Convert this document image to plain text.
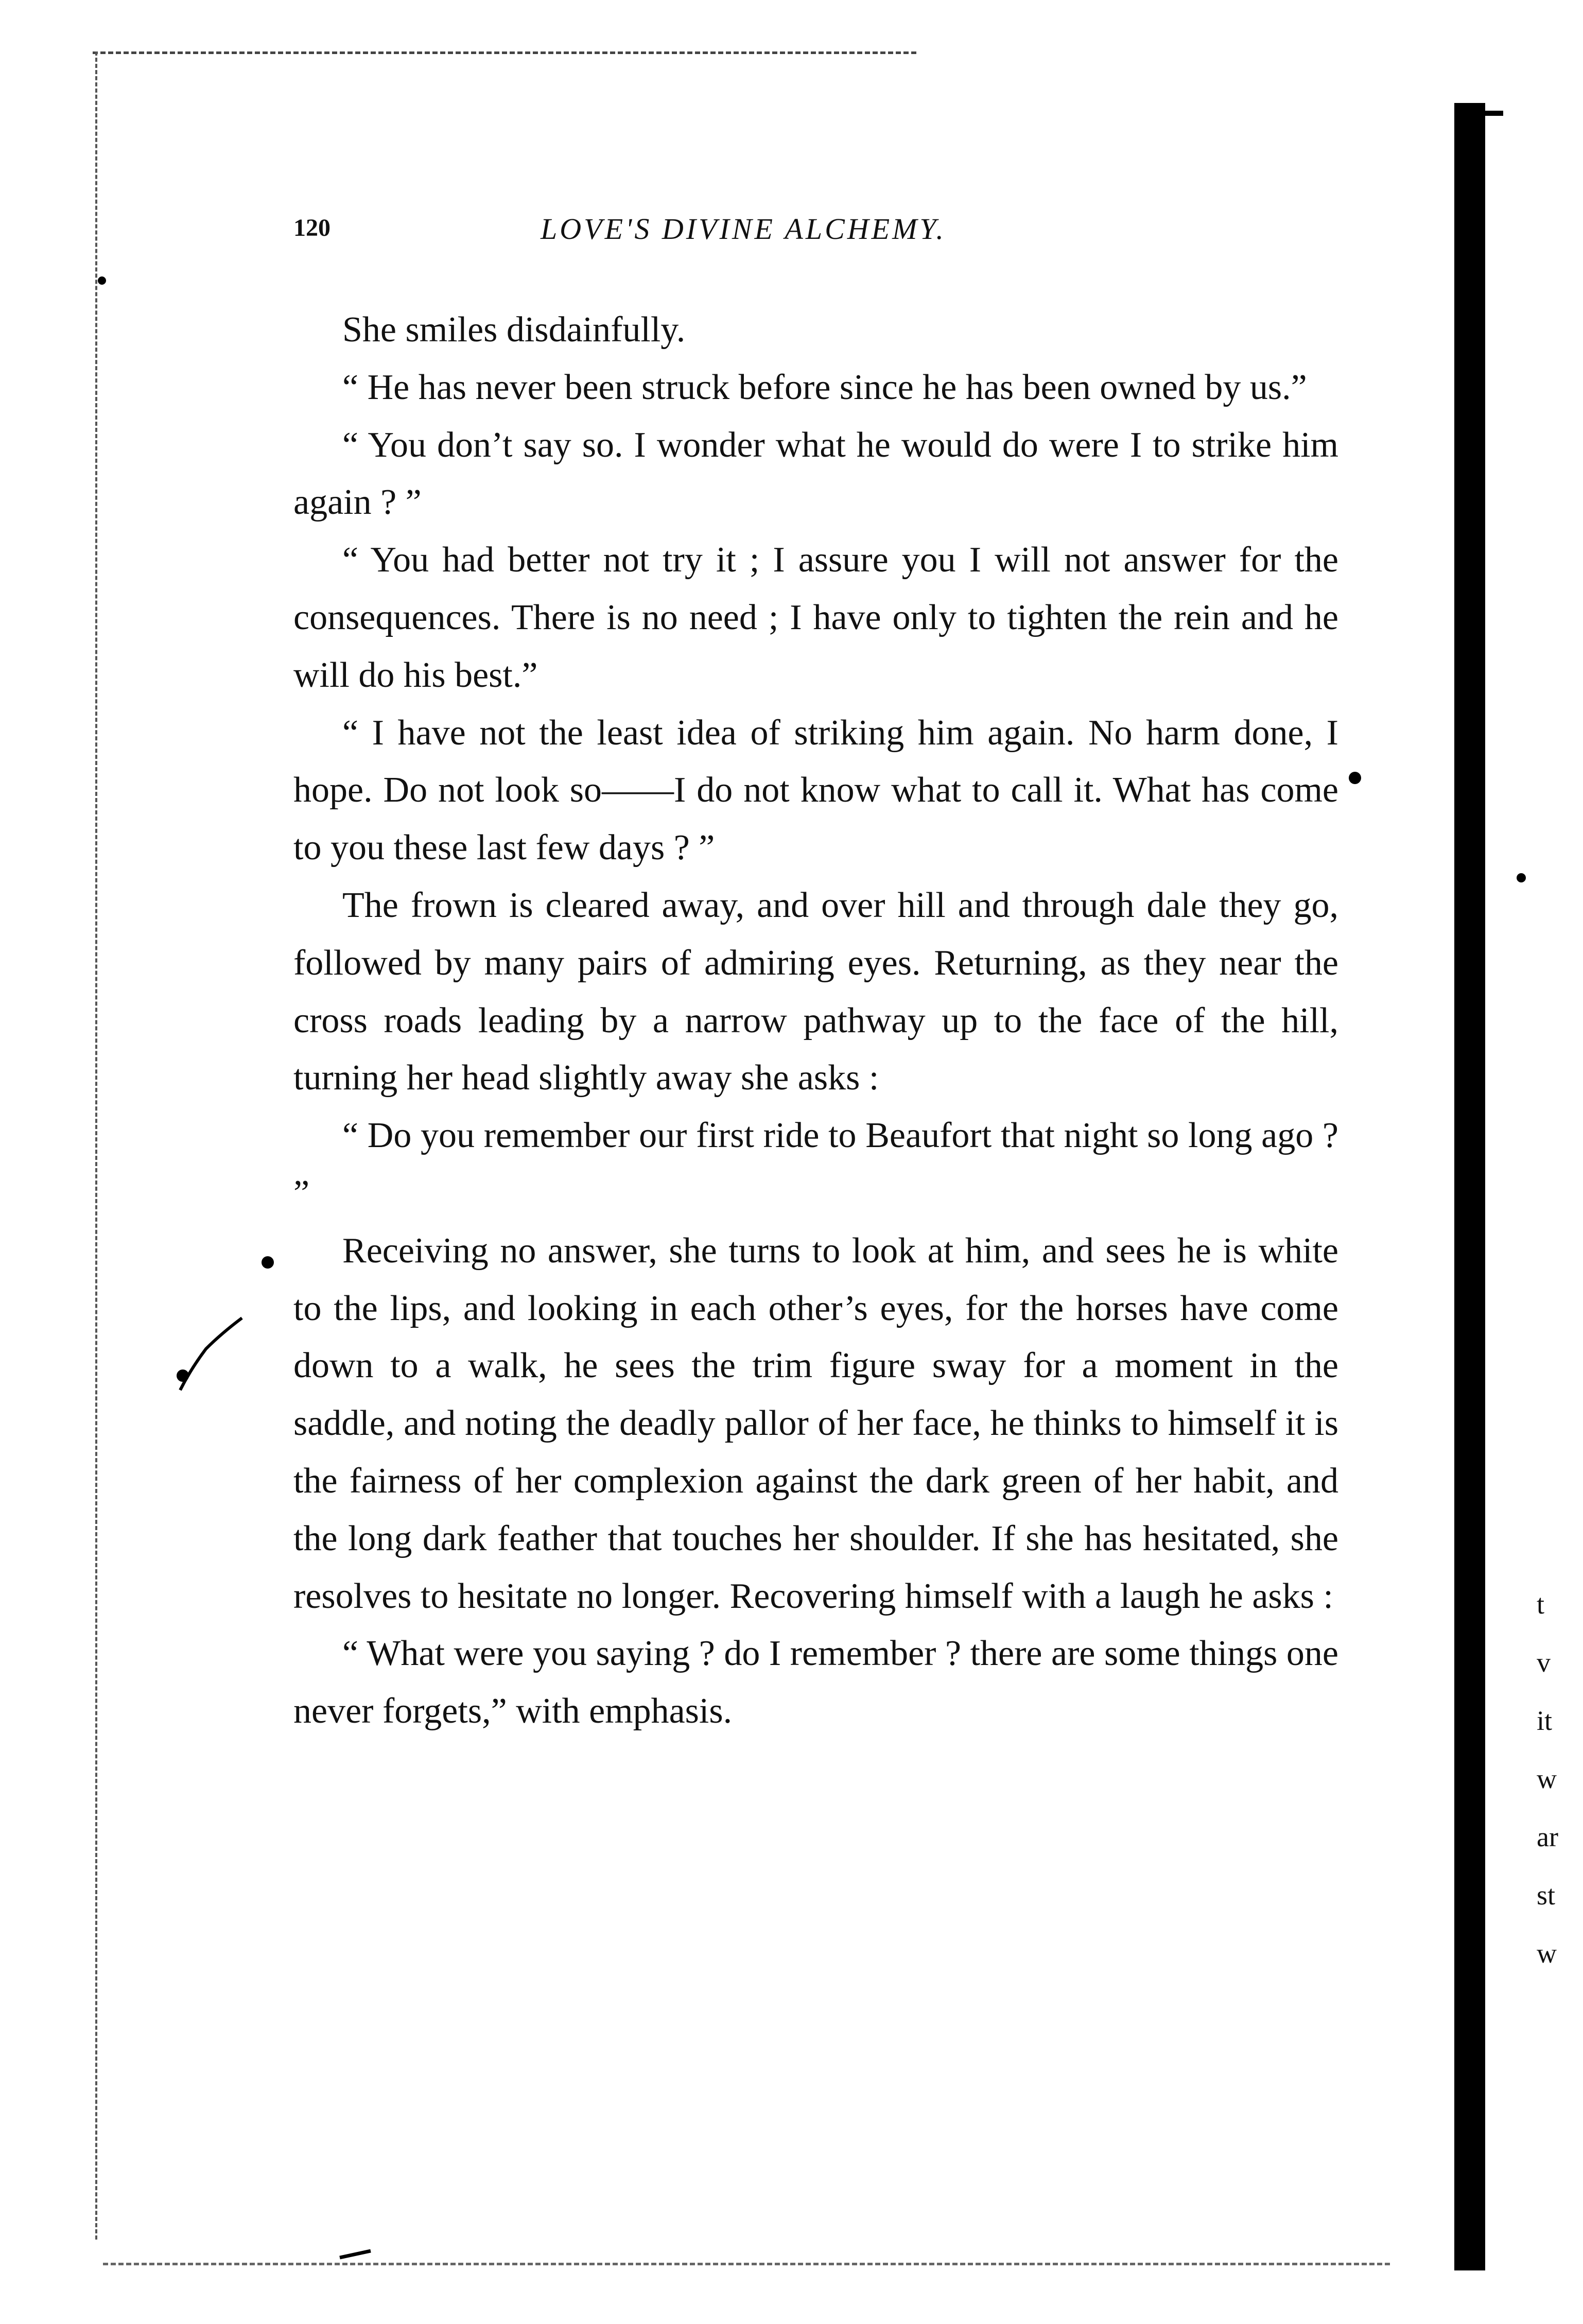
120	LOVE'S DIVINE ALCHEMY.

She smiles disdainfully.

“ He has never been struck before since he has been owned by us.”

“ You don’t say so. I wonder what he would do were I to strike him again ? ”

“ You had better not try it ; I assure you I will not answer for the consequences. There is no need ; I have only to tighten the rein and he will do his best.”

“ I have not the least idea of striking him again. No harm done, I hope. Do not look so——I do not know what to call it. What has come to you these last few days ? ”

The frown is cleared away, and over hill and through dale they go, followed by many pairs of admiring eyes. Returning, as they near the cross roads leading by a narrow pathway up to the face of the hill, turning her head slightly away she asks :

“ Do you remember our first ride to Beaufort that night so long ago ? ”

Receiving no answer, she turns to look at him, and sees he is white to the lips, and looking in each other’s eyes, for the horses have come down to a walk, he sees the trim figure sway for a moment in the saddle, and noting the deadly pallor of her face, he thinks to himself it is the fairness of her complexion against the dark green of her habit, and the long dark feather that touches her shoulder. If she has hesitated, she resolves to hesitate no longer. Recovering himself with a laugh he asks :

“ What were you saying ? do I remember ? there are some things one never forgets,” with emphasis.

t
v
it
w
ar
st
w
